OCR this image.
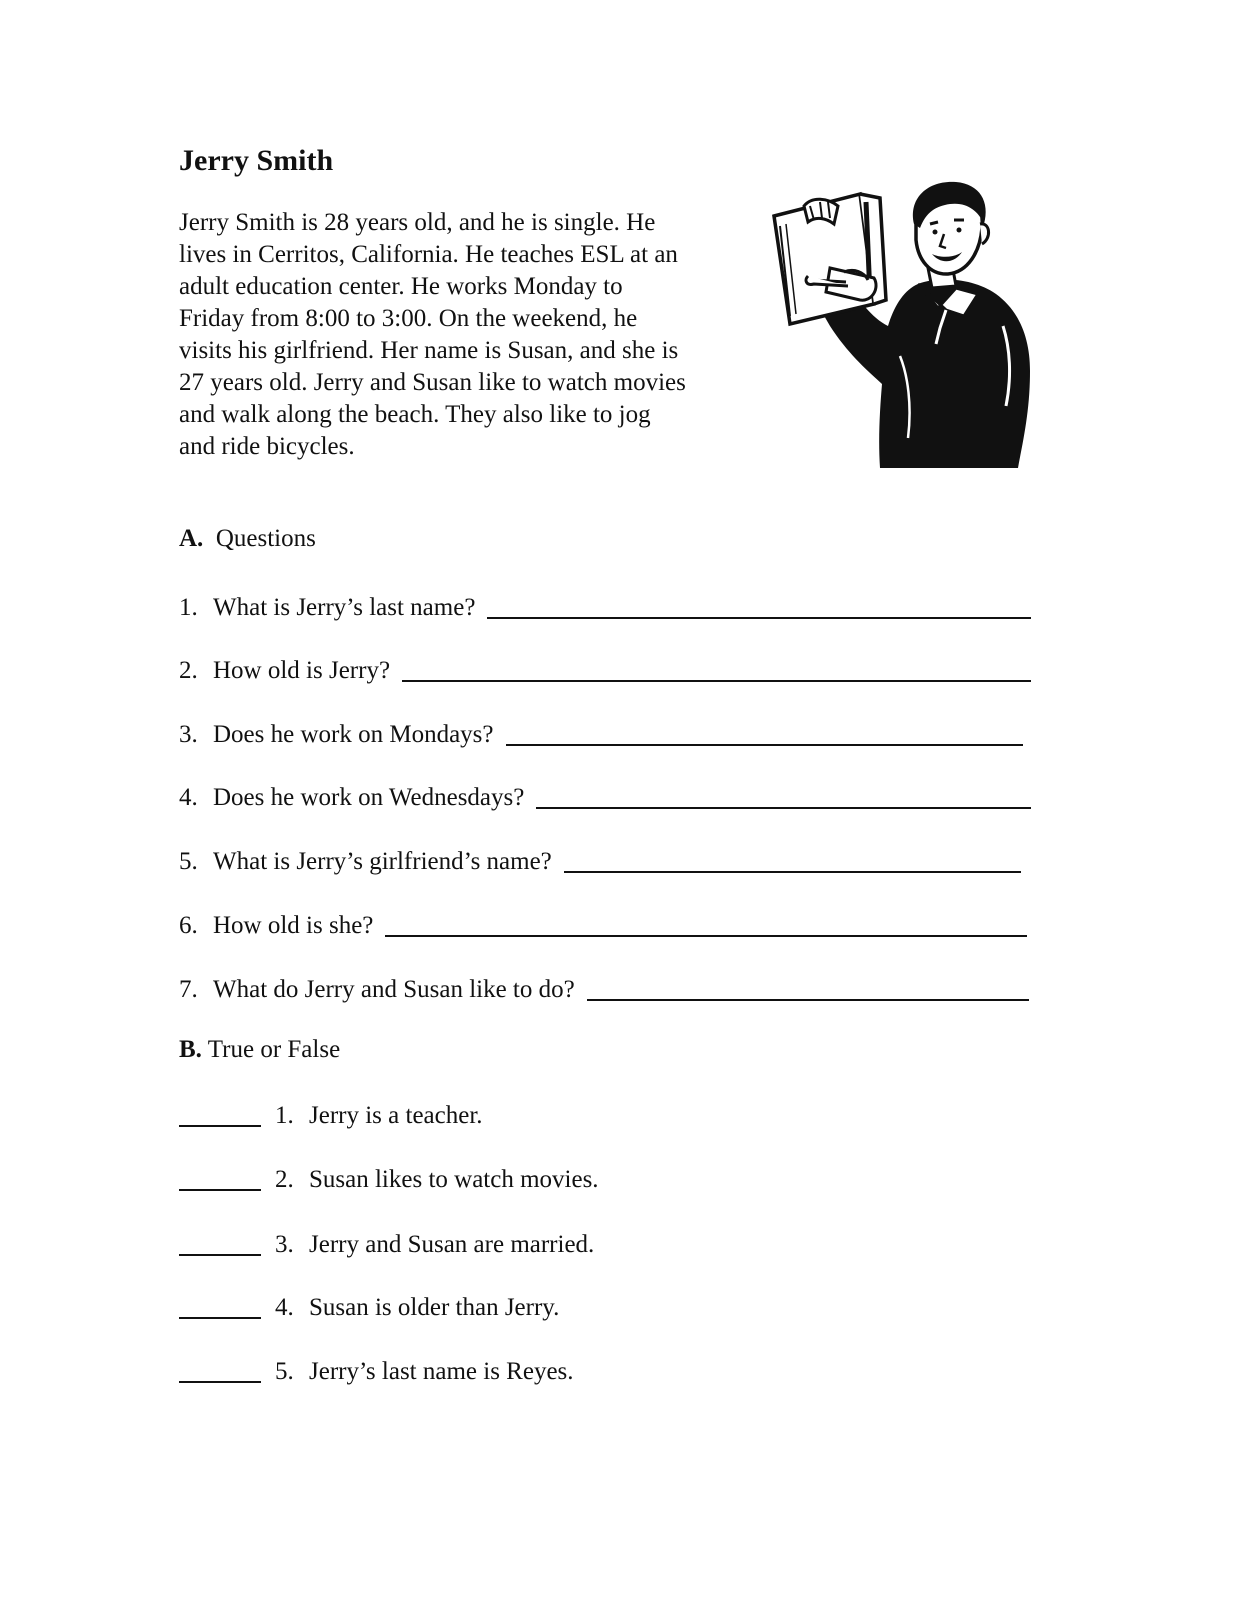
Jerry Smith
Jerry Smith is 28 years old, and he is single. He
lives in Cerritos, California. He teaches ESL at an
adult education center. He works Monday to
Friday from 8:00 to 3:00. On the weekend, he
visits his girlfriend. Her name is Susan, and she is
27 years old. Jerry and Susan like to watch movies
and walk along the beach. They also like to jog
and ride bicycles.

A. Questions

1. What is Jerry’s last name?
2. How old is Jerry?
3. Does he work on Mondays?
4. Does he work on Wednesdays?
5. What is Jerry’s girlfriend’s name?
6. How old is she?
7. What do Jerry and Susan like to do?

B. True or False

1. Jerry is a teacher.
2. Susan likes to watch movies.
3. Jerry and Susan are married.
4. Susan is older than Jerry.
5. Jerry’s last name is Reyes.
